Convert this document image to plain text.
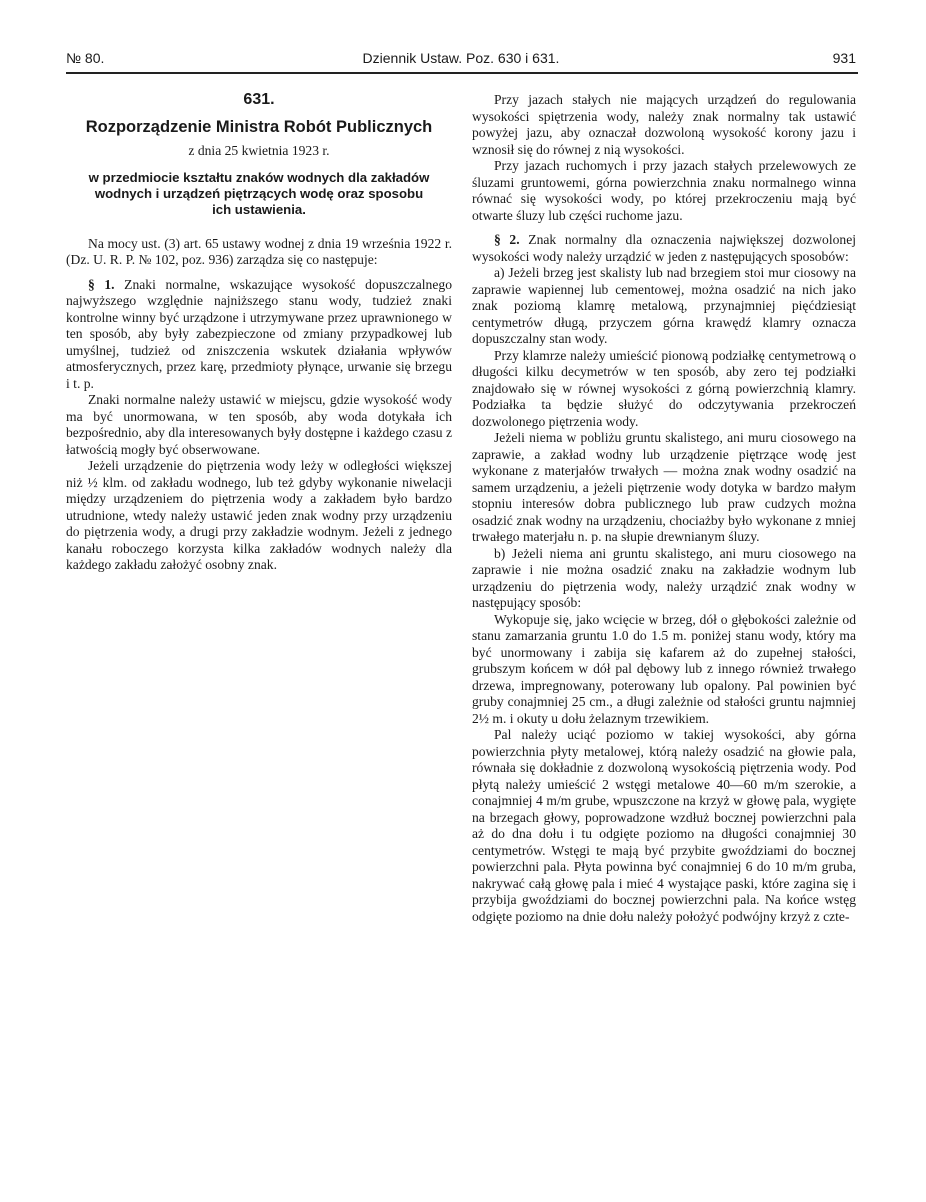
№ 80.	Dziennik Ustaw. Poz. 630 i 631.	931
631.
Rozporządzenie Ministra Robót Publicznych
z dnia 25 kwietnia 1923 r.
w przedmiocie kształtu znaków wodnych dla zakładów wodnych i urządzeń piętrzących wodę oraz sposobu ich ustawienia.

Na mocy ust. (3) art. 65 ustawy wodnej z dnia 19 września 1922 r. (Dz. U. R. P. № 102, poz. 936) zarządza się co następuje:

§ 1. Znaki normalne, wskazujące wysokość dopuszczalnego najwyższego względnie najniższego stanu wody, tudzież znaki kontrolne winny być urządzone i utrzymywane przez uprawnionego w ten sposób, aby były zabezpieczone od zmiany przypadkowej lub umyślnej, tudzież od zniszczenia wskutek działania wpływów atmosferycznych, przez karę, przedmioty płynące, urwanie się brzegu i t. p.

Znaki normalne należy ustawić w miejscu, gdzie wysokość wody ma być unormowana, w ten sposób, aby woda dotykała ich bezpośrednio, aby dla interesowanych były dostępne i każdego czasu z łatwością mogły być obserwowane.

Jeżeli urządzenie do piętrzenia wody leży w odległości większej niż ½ klm. od zakładu wodnego, lub też gdyby wykonanie niwelacji między urządzeniem do piętrzenia wody a zakładem było bardzo utrudnione, wtedy należy ustawić jeden znak wodny przy urządzeniu do piętrzenia wody, a drugi przy zakładzie wodnym. Jeżeli z jednego kanału roboczego korzysta kilka zakładów wodnych należy dla każdego zakładu założyć osobny znak.

Przy jazach stałych nie mających urządzeń do regulowania wysokości spiętrzenia wody, należy znak normalny tak ustawić powyżej jazu, aby oznaczał dozwoloną wysokość korony jazu i wznosił się do równej z nią wysokości.

Przy jazach ruchomych i przy jazach stałych przelewowych ze śluzami gruntowemi, górna powierzchnia znaku normalnego winna równać się wysokości wody, po której przekroczeniu mają być otwarte śluzy lub części ruchome jazu.

§ 2. Znak normalny dla oznaczenia największej dozwolonej wysokości wody należy urządzić w jeden z następujących sposobów:

a) Jeżeli brzeg jest skalisty lub nad brzegiem stoi mur ciosowy na zaprawie wapiennej lub cementowej, można osadzić na nich jako znak poziomą klamrę metalową, przynajmniej pięćdziesiąt centymetrów długą, przyczem górna krawędź klamry oznacza dopuszczalny stan wody.

Przy klamrze należy umieścić pionową podziałkę centymetrową o długości kilku decymetrów w ten sposób, aby zero tej podziałki znajdowało się w równej wysokości z górną powierzchnią klamry. Podziałka ta będzie służyć do odczytywania przekroczeń dozwolonego piętrzenia wody.

Jeżeli niema w pobliżu gruntu skalistego, ani muru ciosowego na zaprawie, a zakład wodny lub urządzenie piętrzące wodę jest wykonane z materjałów trwałych — można znak wodny osadzić na samem urządzeniu, a jeżeli piętrzenie wody dotyka w bardzo małym stopniu interesów dobra publicznego lub praw cudzych można osadzić znak wodny na urządzeniu, chociażby było wykonane z mniej trwałego materjału n. p. na słupie drewnianym śluzy.

b) Jeżeli niema ani gruntu skalistego, ani muru ciosowego na zaprawie i nie można osadzić znaku na zakładzie wodnym lub urządzeniu do piętrzenia wody, należy urządzić znak wodny w następujący sposób:

Wykopuje się, jako wcięcie w brzeg, dół o głębokości zależnie od stanu zamarzania gruntu 1.0 do 1.5 m. poniżej stanu wody, który ma być unormowany i zabija się kafarem aż do zupełnej stałości, grubszym końcem w dół pal dębowy lub z innego również trwałego drzewa, impregnowany, poterowany lub opalony. Pal powinien być gruby conajmniej 25 cm., a długi zależnie od stałości gruntu najmniej 2½ m. i okuty u dołu żelaznym trzewikiem.

Pal należy uciąć poziomo w takiej wysokości, aby górna powierzchnia płyty metalowej, którą należy osadzić na głowie pala, równała się dokładnie z dozwoloną wysokością piętrzenia wody. Pod płytą należy umieścić 2 wstęgi metalowe 40—60 m/m szerokie, a conajmniej 4 m/m grube, wpuszczone na krzyż w głowę pala, wygięte na brzegach głowy, poprowadzone wzdłuż bocznej powierzchni pala aż do dna dołu i tu odgięte poziomo na długości conajmniej 30 centymetrów. Wstęgi te mają być przybite gwoździami do bocznej powierzchni pala. Płyta powinna być conajmniej 6 do 10 m/m gruba, nakrywać całą głowę pala i mieć 4 wystające paski, które zagina się i przybija gwoździami do bocznej powierzchni pala. Na końce wstęg odgięte poziomo na dnie dołu należy położyć podwójny krzyż z czte-
